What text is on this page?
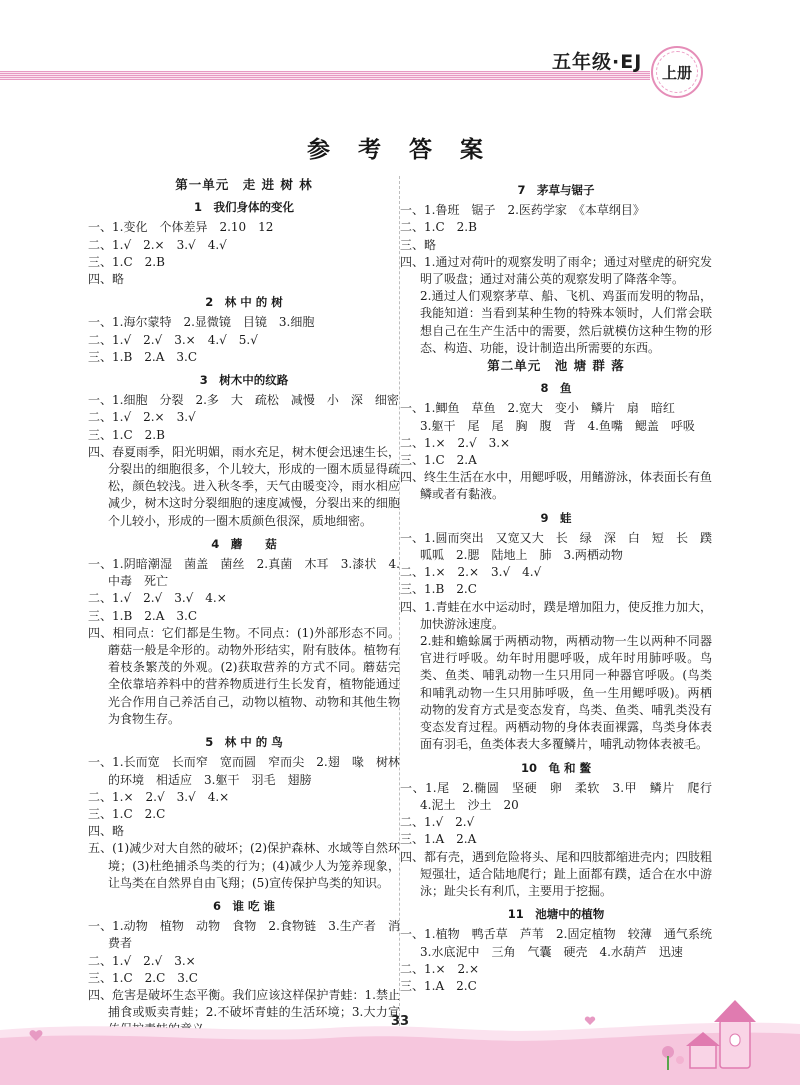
五年级·EJ	上册
参 考 答 案
第一单元　走 进 树 林
1　我们身体的变化
一、1.变化　个体差异　2.10　12
二、1.√　2.×　3.√　4.√
三、1.C　2.B
四、略
2　林 中 的 树
一、1.海尔蒙特　2.显微镜　目镜　3.细胞
二、1.√　2.√　3.×　4.√　5.√
三、1.B　2.A　3.C
3　树木中的纹路
一、1.细胞　分裂　2.多　大　疏松　减慢　小　深　细密
二、1.√　2.×　3.√
三、1.C　2.B
四、春夏雨季，阳光明媚，雨水充足，树木便会迅速生长，分裂出的细胞很多，个儿较大，形成的一圈木质显得疏松，颜色较浅。进入秋冬季，天气由暖变冷，雨水相应减少，树木这时分裂细胞的速度减慢，分裂出来的细胞个儿较小，形成的一圈木质颜色很深，质地细密。
4　蘑　　菇
一、1.阴暗潮湿　菌盖　菌丝　2.真菌　木耳　3.漆状　4.中毒　死亡
二、1.√　2.√　3.√　4.×
三、1.B　2.A　3.C
四、相同点：它们都是生物。不同点：(1)外部形态不同。蘑菇一般是伞形的。动物外形结实，附有肢体。植物有着枝条繁茂的外观。(2)获取营养的方式不同。蘑菇完全依靠培养料中的营养物质进行生长发育，植物能通过光合作用自己养活自己，动物以植物、动物和其他生物为食物生存。
5　林 中 的 鸟
一、1.长而宽　长而窄　宽而圆　窄而尖　2.翅　喙　树林的环境　相适应　3.躯干　羽毛　翅膀
二、1.×　2.√　3.√　4.×
三、1.C　2.C
四、略
五、(1)减少对大自然的破坏；(2)保护森林、水域等自然环境；(3)杜绝捕杀鸟类的行为；(4)减少人为笼养现象，让鸟类在自然界自由飞翔；(5)宣传保护鸟类的知识。
6　谁 吃 谁
一、1.动物　植物　动物　食物　2.食物链　3.生产者　消费者
二、1.√　2.√　3.×
三、1.C　2.C　3.C
四、危害是破坏生态平衡。我们应该这样保护青蛙：1.禁止捕食或贩卖青蛙；2.不破坏青蛙的生活环境；3.大力宣
7　茅草与锯子
一、1.鲁班　锯子　2.医药学家　《本草纲目》
二、1.C　2.B
三、略
四、1.通过对荷叶的观察发明了雨伞；通过对壁虎的研究发明了吸盘；通过对蒲公英的观察发明了降落伞等。
2.通过人们观察茅草、船、飞机、鸡蛋而发明的物品，我能知道：当看到某种生物的特殊本领时，人们常会联想自己在生产生活中的需要，然后就模仿这种生物的形态、构造、功能，设计制造出所需要的东西。
第二单元　池 塘 群 落
8　鱼
一、1.鲫鱼　草鱼　2.宽大　变小　鳞片　扇　暗红
3.躯干　尾　尾　胸　腹　背　4.鱼嘴　鳃盖　呼吸
二、1.×　2.√　3.×
三、1.C　2.A
四、终生生活在水中，用鳃呼吸，用鳍游泳，体表面长有鱼鳞或者有黏液。
9　蛙
一、1.圆而突出　又宽又大　长　绿　深　白　短　长　蹼　呱呱　2.腮　陆地上　肺　3.两栖动物
二、1.×　2.×　3.√　4.√
三、1.B　2.C
四、1.青蛙在水中运动时，蹼是增加阻力，使反推力加大，加快游泳速度。
2.蛙和蟾蜍属于两栖动物，两栖动物一生以两种不同器官进行呼吸。幼年时用腮呼吸，成年时用肺呼吸。鸟类、鱼类、哺乳动物一生只用同一种器官呼吸。(鸟类和哺乳动物一生只用肺呼吸，鱼一生用鳃呼吸)。两栖动物的发育方式是变态发育，鸟类、鱼类、哺乳类没有变态发育过程。两栖动物的身体表面裸露，鸟类身体表面有羽毛，鱼类体表大多覆鳞片，哺乳动物体表被毛。
10　龟 和 鳖
一、1.尾　2.椭圆　坚硬　卵　柔软　3.甲　鳞片　爬行　4.泥土　沙土　20
二、1.√　2.√
三、1.A　2.A
四、都有壳，遇到危险将头、尾和四肢都缩进壳内；四肢粗短强壮，适合陆地爬行；趾上面都有蹼，适合在水中游泳；趾尖长有利爪，主要用于挖掘。
11　池塘中的植物
一、1.植物　鸭舌草　芦苇　2.固定植物　较薄　通气系统　3.水底泥中　三角　气囊　硬壳　4.水葫芦　迅速
二、1.×　2.×
三、1.A　2.C
33
